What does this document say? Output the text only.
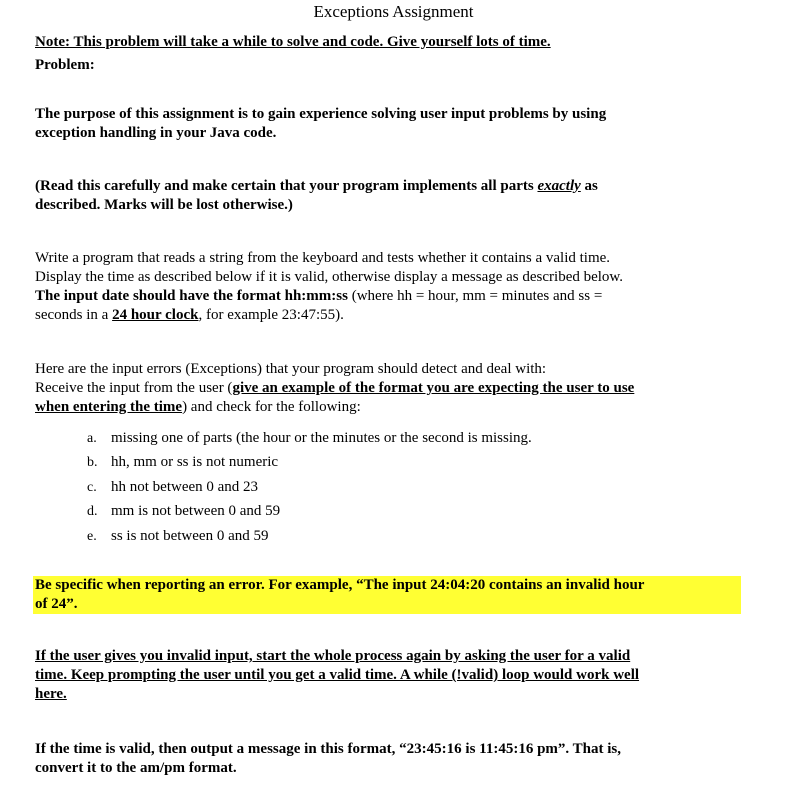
Exceptions Assignment
Note: This problem will take a while to solve and code. Give yourself lots of time.
Problem:
The purpose of this assignment is to gain experience solving user input problems by using
exception handling in your Java code.
(Read this carefully and make certain that your program implements all parts exactly as
described. Marks will be lost otherwise.)
Write a program that reads a string from the keyboard and tests whether it contains a valid time.
Display the time as described below if it is valid, otherwise display a message as described below.
The input date should have the format hh:mm:ss (where hh = hour, mm = minutes and ss =
seconds in a 24 hour clock, for example 23:47:55).
Here are the input errors (Exceptions) that your program should detect and deal with:
Receive the input from the user (give an example of the format you are expecting the user to use
when entering the time) and check for the following:
a. missing one of parts (the hour or the minutes or the second is missing.
b. hh, mm or ss is not numeric
c. hh not between 0 and 23
d. mm is not between 0 and 59
e. ss is not between 0 and 59
Be specific when reporting an error. For example, “The input 24:04:20 contains an invalid hour
of 24”.
If the user gives you invalid input, start the whole process again by asking the user for a valid
time. Keep prompting the user until you get a valid time. A while (!valid) loop would work well
here.
If the time is valid, then output a message in this format, “23:45:16 is 11:45:16 pm”. That is,
convert it to the am/pm format.
